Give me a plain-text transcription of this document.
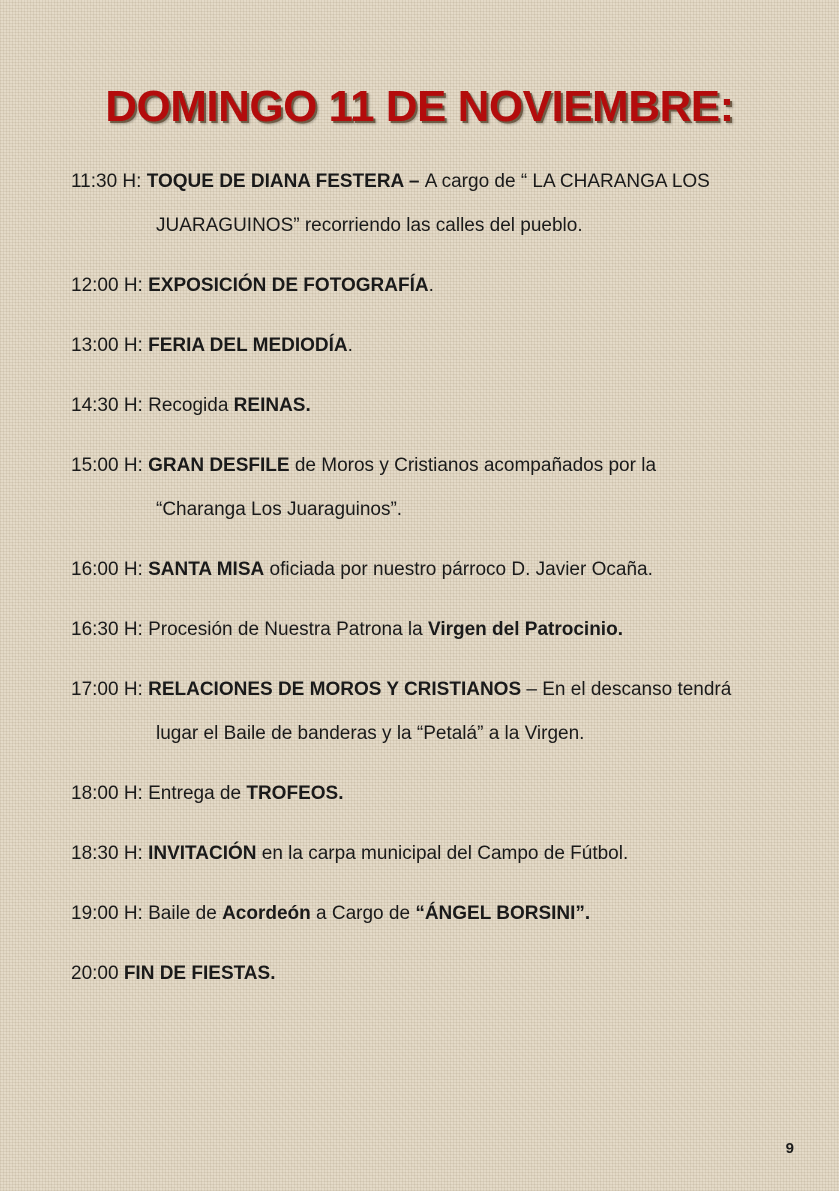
DOMINGO 11 DE NOVIEMBRE:
11:30 H: TOQUE DE DIANA FESTERA – A cargo de “ LA CHARANGA LOS
JUARAGUINOS” recorriendo las calles del pueblo.
12:00 H: EXPOSICIÓN DE FOTOGRAFÍA.
13:00 H: FERIA DEL MEDIODÍA.
14:30 H: Recogida REINAS.
15:00 H: GRAN DESFILE de Moros y Cristianos acompañados por la
“Charanga Los Juaraguinos”.
16:00 H: SANTA MISA oficiada por nuestro párroco D. Javier Ocaña.
16:30 H: Procesión de Nuestra Patrona la Virgen del Patrocinio.
17:00 H: RELACIONES DE MOROS Y CRISTIANOS – En el descanso tendrá
lugar el Baile de banderas y la “Petalá” a la Virgen.
18:00 H: Entrega de TROFEOS.
18:30 H: INVITACIÓN en la carpa municipal del Campo de Fútbol.
19:00 H: Baile de Acordeón a Cargo de “ÁNGEL BORSINI”.
20:00 FIN DE FIESTAS.
9
